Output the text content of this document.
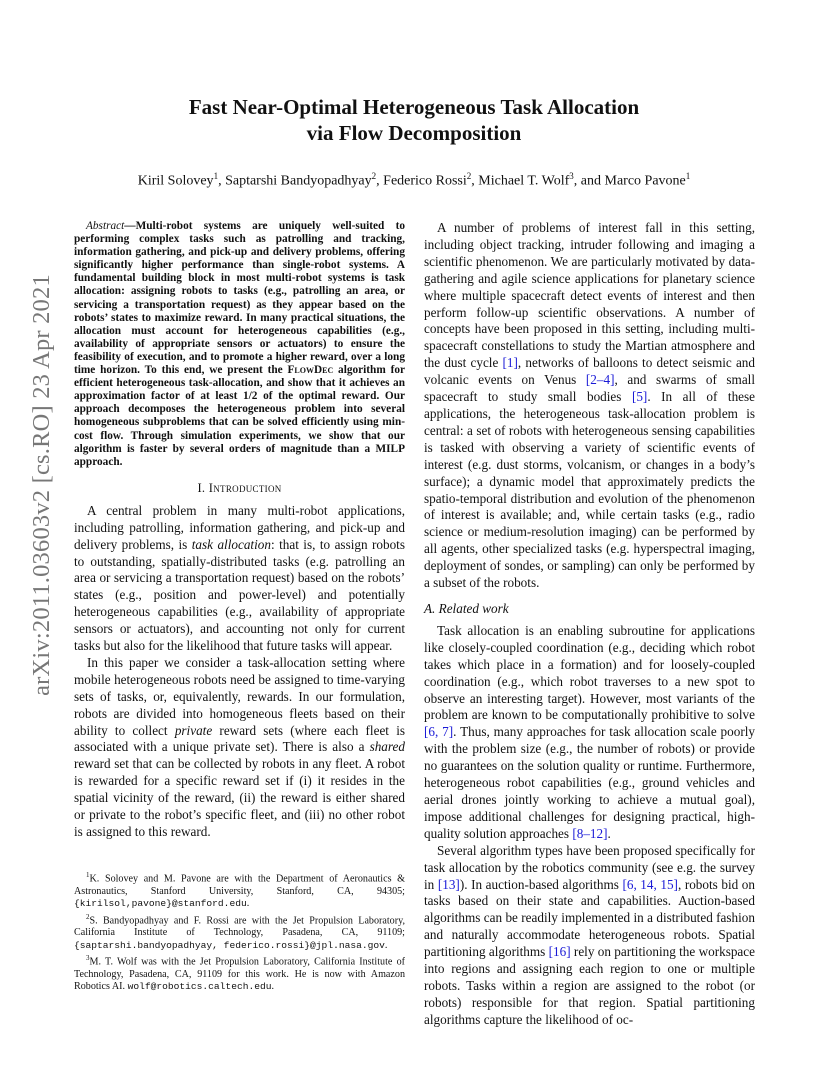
arXiv:2011.03603v2 [cs.RO] 23 Apr 2021
Fast Near-Optimal Heterogeneous Task Allocation
via Flow Decomposition
Kiril Solovey$^1$, Saptarshi Bandyopadhyay$^2$, Federico Rossi$^2$, Michael T. Wolf$^3$, and Marco Pavone$^1$

Abstract—Multi-robot systems are uniquely well-suited to performing complex tasks such as patrolling and tracking, information gathering, and pick-up and delivery problems, offering significantly higher performance than single-robot systems. A fundamental building block in most multi-robot systems is task allocation: assigning robots to tasks (e.g., patrolling an area, or servicing a transportation request) as they appear based on the robots’ states to maximize reward. In many practical situations, the allocation must account for heterogeneous capabilities (e.g., availability of appropriate sensors or actuators) to ensure the feasibility of execution, and to promote a higher reward, over a long time horizon. To this end, we present the FlowDec algorithm for efficient heterogeneous task-allocation, and show that it achieves an approximation factor of at least 1/2 of the optimal reward. Our approach decomposes the heterogeneous problem into several homogeneous subproblems that can be solved efficiently using min-cost flow. Through simulation experiments, we show that our algorithm is faster by several orders of magnitude than a MILP approach.

I. Introduction

A central problem in many multi-robot applications, including patrolling, information gathering, and pick-up and delivery problems, is task allocation: that is, to assign robots to outstanding, spatially-distributed tasks (e.g. patrolling an area or servicing a transportation request) based on the robots’ states (e.g., position and power-level) and potentially heterogeneous capabilities (e.g., availability of appropriate sensors or actuators), and accounting not only for current tasks but also for the likelihood that future tasks will appear.

In this paper we consider a task-allocation setting where mobile heterogeneous robots need be assigned to time-varying sets of tasks, or, equivalently, rewards. In our formulation, robots are divided into homogeneous fleets based on their ability to collect private reward sets (where each fleet is associated with a unique private set). There is also a shared reward set that can be collected by robots in any fleet. A robot is rewarded for a specific reward set if (i) it resides in the spatial vicinity of the reward, (ii) the reward is either shared or private to the robot’s specific fleet, and (iii) no other robot is assigned to this reward.

$^1$K. Solovey and M. Pavone are with the Department of Aeronautics & Astronautics, Stanford University, Stanford, CA, 94305; {kirilsol,pavone}@stanford.edu.

$^2$S. Bandyopadhyay and F. Rossi are with the Jet Propulsion Laboratory, California Institute of Technology, Pasadena, CA, 91109; {saptarshi.bandyopadhyay, federico.rossi}@jpl.nasa.gov.

$^3$M. T. Wolf was with the Jet Propulsion Laboratory, California Institute of Technology, Pasadena, CA, 91109 for this work. He is now with Amazon Robotics AI. wolf@robotics.caltech.edu.

A number of problems of interest fall in this setting, including object tracking, intruder following and imaging a scientific phenomenon. We are particularly motivated by data-gathering and agile science applications for planetary science where multiple spacecraft detect events of interest and then perform follow-up scientific observations. A number of concepts have been proposed in this setting, including multi-spacecraft constellations to study the Martian atmosphere and the dust cycle [1], networks of balloons to detect seismic and volcanic events on Venus [2–4], and swarms of small spacecraft to study small bodies [5]. In all of these applications, the heterogeneous task-allocation problem is central: a set of robots with heterogeneous sensing capabilities is tasked with observing a variety of scientific events of interest (e.g. dust storms, volcanism, or changes in a body’s surface); a dynamic model that approximately predicts the spatio-temporal distribution and evolution of the phenomenon of interest is available; and, while certain tasks (e.g., radio science or medium-resolution imaging) can be performed by all agents, other specialized tasks (e.g. hyperspectral imaging, deployment of sondes, or sampling) can only be performed by a subset of the robots.

A. Related work

Task allocation is an enabling subroutine for applications like closely-coupled coordination (e.g., deciding which robot takes which place in a formation) and for loosely-coupled coordination (e.g., which robot traverses to a new spot to observe an interesting target). However, most variants of the problem are known to be computationally prohibitive to solve [6, 7]. Thus, many approaches for task allocation scale poorly with the problem size (e.g., the number of robots) or provide no guarantees on the solution quality or runtime. Furthermore, heterogeneous robot capabilities (e.g., ground vehicles and aerial drones jointly working to achieve a mutual goal), impose additional challenges for designing practical, high-quality solution approaches [8–12].

Several algorithm types have been proposed specifically for task allocation by the robotics community (see e.g. the survey in [13]). In auction-based algorithms [6, 14, 15], robots bid on tasks based on their state and capabilities. Auction-based algorithms can be readily implemented in a distributed fashion and naturally accommodate heterogeneous robots. Spatial partitioning algorithms [16] rely on partitioning the workspace into regions and assigning each region to one or multiple robots. Tasks within a region are assigned to the robot (or robots) responsible for that region. Spatial partitioning algorithms capture the likelihood of oc-
